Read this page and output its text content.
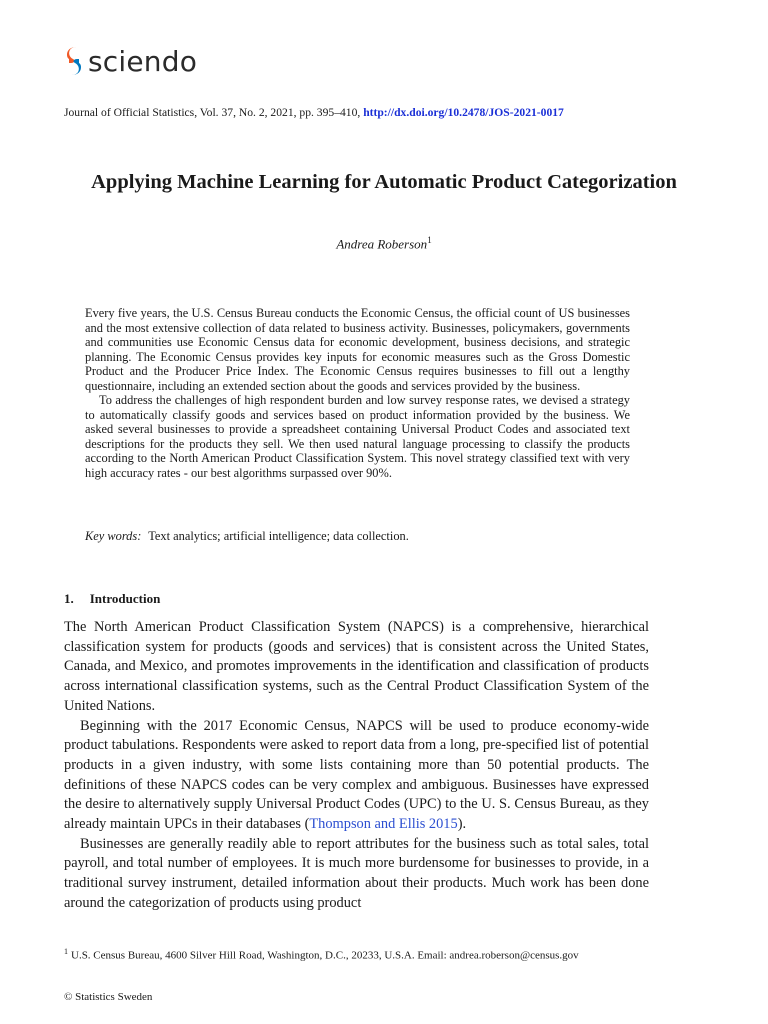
sciendo
Journal of Official Statistics, Vol. 37, No. 2, 2021, pp. 395–410, http://dx.doi.org/10.2478/JOS-2021-0017
Applying Machine Learning for Automatic Product Categorization
Andrea Roberson$^1$

Every five years, the U.S. Census Bureau conducts the Economic Census, the official count of US businesses and the most extensive collection of data related to business activity. Businesses, policymakers, governments and communities use Economic Census data for economic development, business decisions, and strategic planning. The Economic Census provides key inputs for economic measures such as the Gross Domestic Product and the Producer Price Index. The Economic Census requires businesses to fill out a lengthy questionnaire, including an extended section about the goods and services provided by the business.

To address the challenges of high respondent burden and low survey response rates, we devised a strategy to automatically classify goods and services based on product information provided by the business. We asked several businesses to provide a spreadsheet containing Universal Product Codes and associated text descriptions for the products they sell. We then used natural language processing to classify the products according to the North American Product Classification System. This novel strategy classified text with very high accuracy rates - our best algorithms surpassed over 90%.

Key words: Text analytics; artificial intelligence; data collection.
1. Introduction

The North American Product Classification System (NAPCS) is a comprehensive, hierarchical classification system for products (goods and services) that is consistent across the United States, Canada, and Mexico, and promotes improvements in the identification and classification of products across international classification systems, such as the Central Product Classification System of the United Nations.

Beginning with the 2017 Economic Census, NAPCS will be used to produce economy-wide product tabulations. Respondents were asked to report data from a long, pre-specified list of potential products in a given industry, with some lists containing more than 50 potential products. The definitions of these NAPCS codes can be very complex and ambiguous. Businesses have expressed the desire to alternatively supply Universal Product Codes (UPC) to the U. S. Census Bureau, as they already maintain UPCs in their databases (Thompson and Ellis 2015).

Businesses are generally readily able to report attributes for the business such as total sales, total payroll, and total number of employees. It is much more burdensome for businesses to provide, in a traditional survey instrument, detailed information about their products. Much work has been done around the categorization of products using product

$^1$ U.S. Census Bureau, 4600 Silver Hill Road, Washington, D.C., 20233, U.S.A. Email: andrea.roberson@census.gov
© Statistics Sweden
